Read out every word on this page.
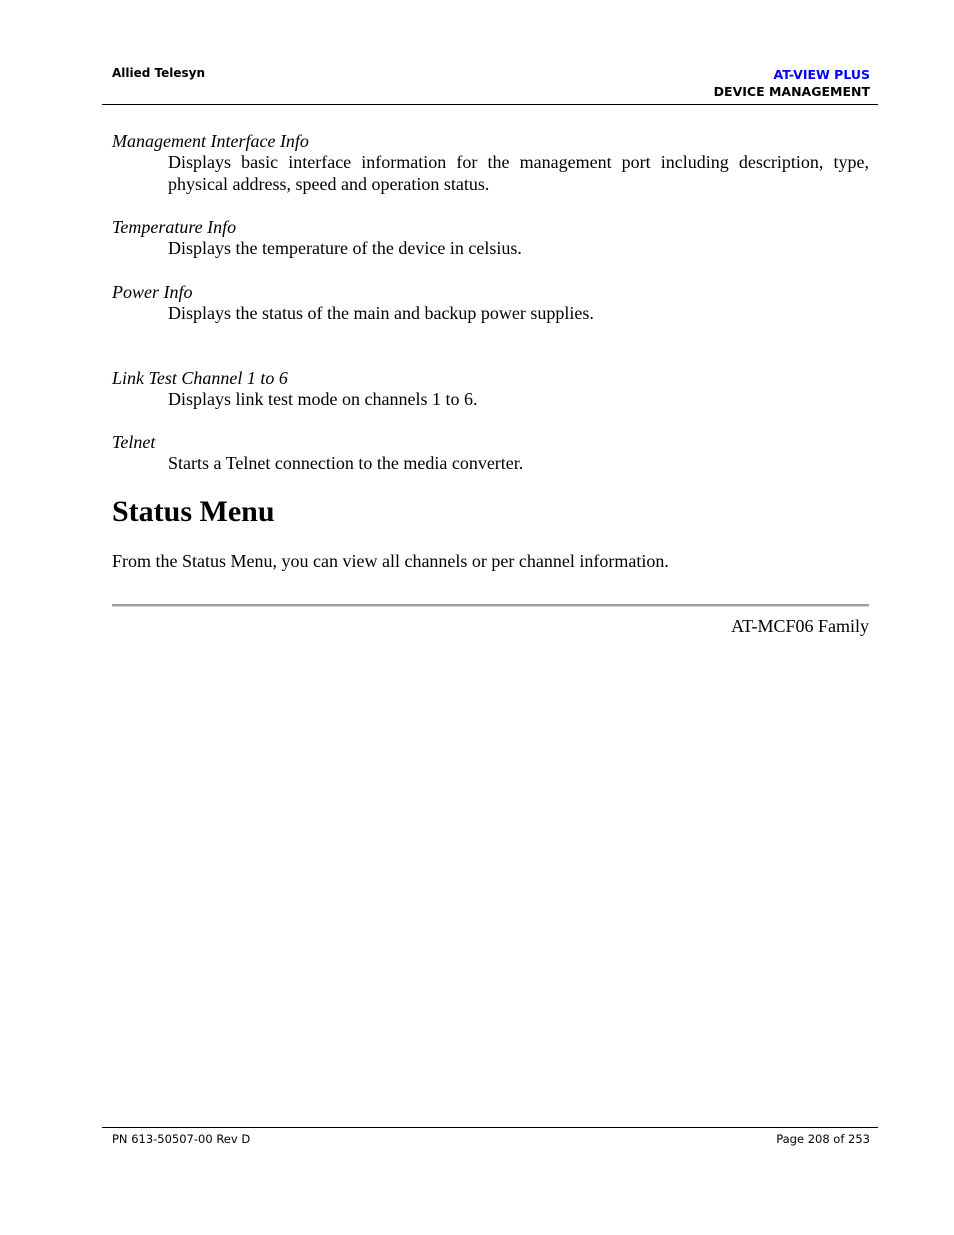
Allied Telesyn	AT-VIEW PLUS
DEVICE MANAGEMENT
Management Interface Info
Displays basic interface information for the management port including description, type, physical address, speed and operation status.
Temperature Info
Displays the temperature of the device in celsius.
Power Info
Displays the status of the main and backup power supplies.
Link Test Channel 1 to 6
Displays link test mode on channels 1 to 6.
Telnet
Starts a Telnet connection to the media converter.
Status Menu
From the Status Menu, you can view all channels or per channel information.
AT-MCF06 Family
PN 613-50507-00 Rev D	Page 208 of 253
